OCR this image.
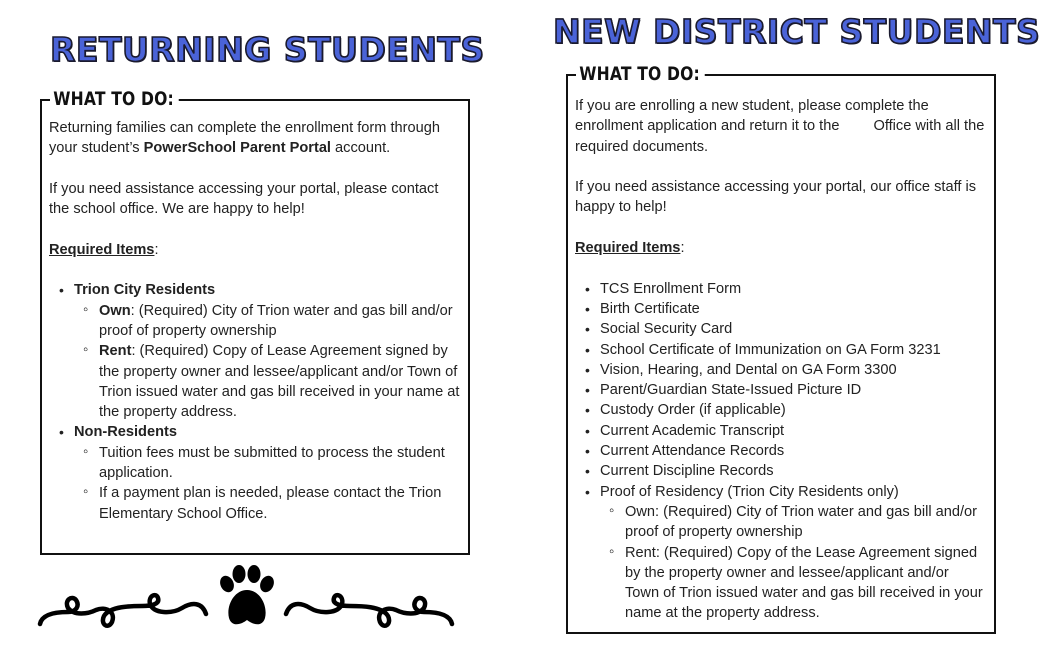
RETURNING STUDENTS
WHAT TO DO:

Returning families can complete the enrollment form through your student’s PowerSchool Parent Portal account.

If you need assistance accessing your portal, please contact the school office. We are happy to help!

Required Items:

• Trion City Residents
◦ Own: (Required) City of Trion water and gas bill and/or proof of property ownership
◦ Rent: (Required) Copy of Lease Agreement signed by the property owner and lessee/applicant and/or Town of Trion issued water and gas bill received in your name at the property address.
• Non-Residents
◦ Tuition fees must be submitted to process the student application.
◦ If a payment plan is needed, please contact the Trion Elementary School Office.
NEW DISTRICT STUDENTS
WHAT TO DO:

If you are enrolling a new student, please complete the enrollment application and return it to the Office with all the required documents.

If you need assistance accessing your portal, our office staff is happy to help!

Required Items:

• TCS Enrollment Form
• Birth Certificate
• Social Security Card
• School Certificate of Immunization on GA Form 3231
• Vision, Hearing, and Dental on GA Form 3300
• Parent/Guardian State-Issued Picture ID
• Custody Order (if applicable)
• Current Academic Transcript
• Current Attendance Records
• Current Discipline Records
• Proof of Residency (Trion City Residents only)
◦ Own: (Required) City of Trion water and gas bill and/or proof of property ownership
◦ Rent: (Required) Copy of the Lease Agreement signed by the property owner and lessee/applicant and/or Town of Trion issued water and gas bill received in your name at the property address.
